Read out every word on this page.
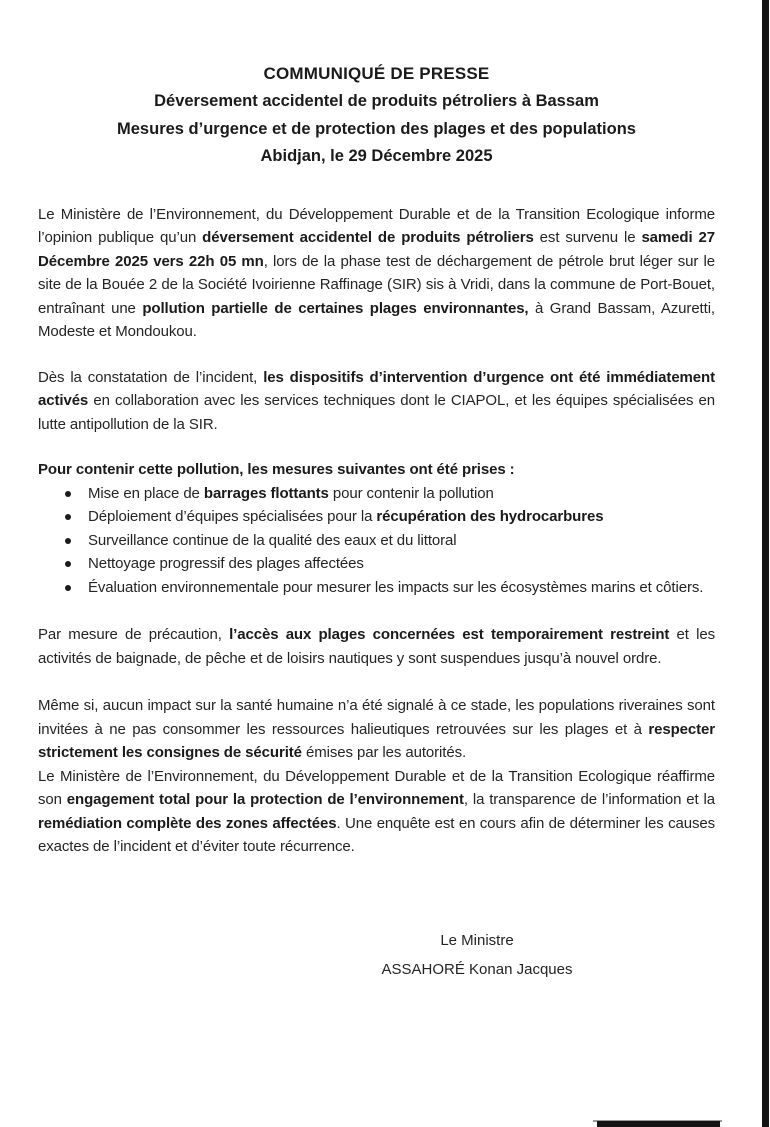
COMMUNIQUÉ DE PRESSE
Déversement accidentel de produits pétroliers à Bassam
Mesures d’urgence et de protection des plages et des populations
Abidjan, le 29 Décembre 2025

Le Ministère de l’Environnement, du Développement Durable et de la Transition Ecologique informe l’opinion publique qu’un déversement accidentel de produits pétroliers est survenu le samedi 27 Décembre 2025 vers 22h 05 mn, lors de la phase test de déchargement de pétrole brut léger sur le site de la Bouée 2 de la Société Ivoirienne Raffinage (SIR) sis à Vridi, dans la commune de Port-Bouet, entraînant une pollution partielle de certaines plages environnantes, à Grand Bassam, Azuretti, Modeste et Mondoukou.

Dès la constatation de l’incident, les dispositifs d’intervention d’urgence ont été immédiatement activés en collaboration avec les services techniques dont le CIAPOL, et les équipes spécialisées en lutte antipollution de la SIR.

Pour contenir cette pollution, les mesures suivantes ont été prises :

Mise en place de barrages flottants pour contenir la pollution
Déploiement d’équipes spécialisées pour la récupération des hydrocarbures
Surveillance continue de la qualité des eaux et du littoral
Nettoyage progressif des plages affectées
Évaluation environnementale pour mesurer les impacts sur les écosystèmes marins et côtiers.

Par mesure de précaution, l’accès aux plages concernées est temporairement restreint et les activités de baignade, de pêche et de loisirs nautiques y sont suspendues jusqu’à nouvel ordre.

Même si, aucun impact sur la santé humaine n’a été signalé à ce stade, les populations riveraines sont invitées à ne pas consommer les ressources halieutiques retrouvées sur les plages et à respecter strictement les consignes de sécurité émises par les autorités.

Le Ministère de l’Environnement, du Développement Durable et de la Transition Ecologique réaffirme son engagement total pour la protection de l’environnement, la transparence de l’information et la remédiation complète des zones affectées. Une enquête est en cours afin de déterminer les causes exactes de l’incident et d’éviter toute récurrence.

Le Ministre
ASSAHORÉ Konan Jacques
